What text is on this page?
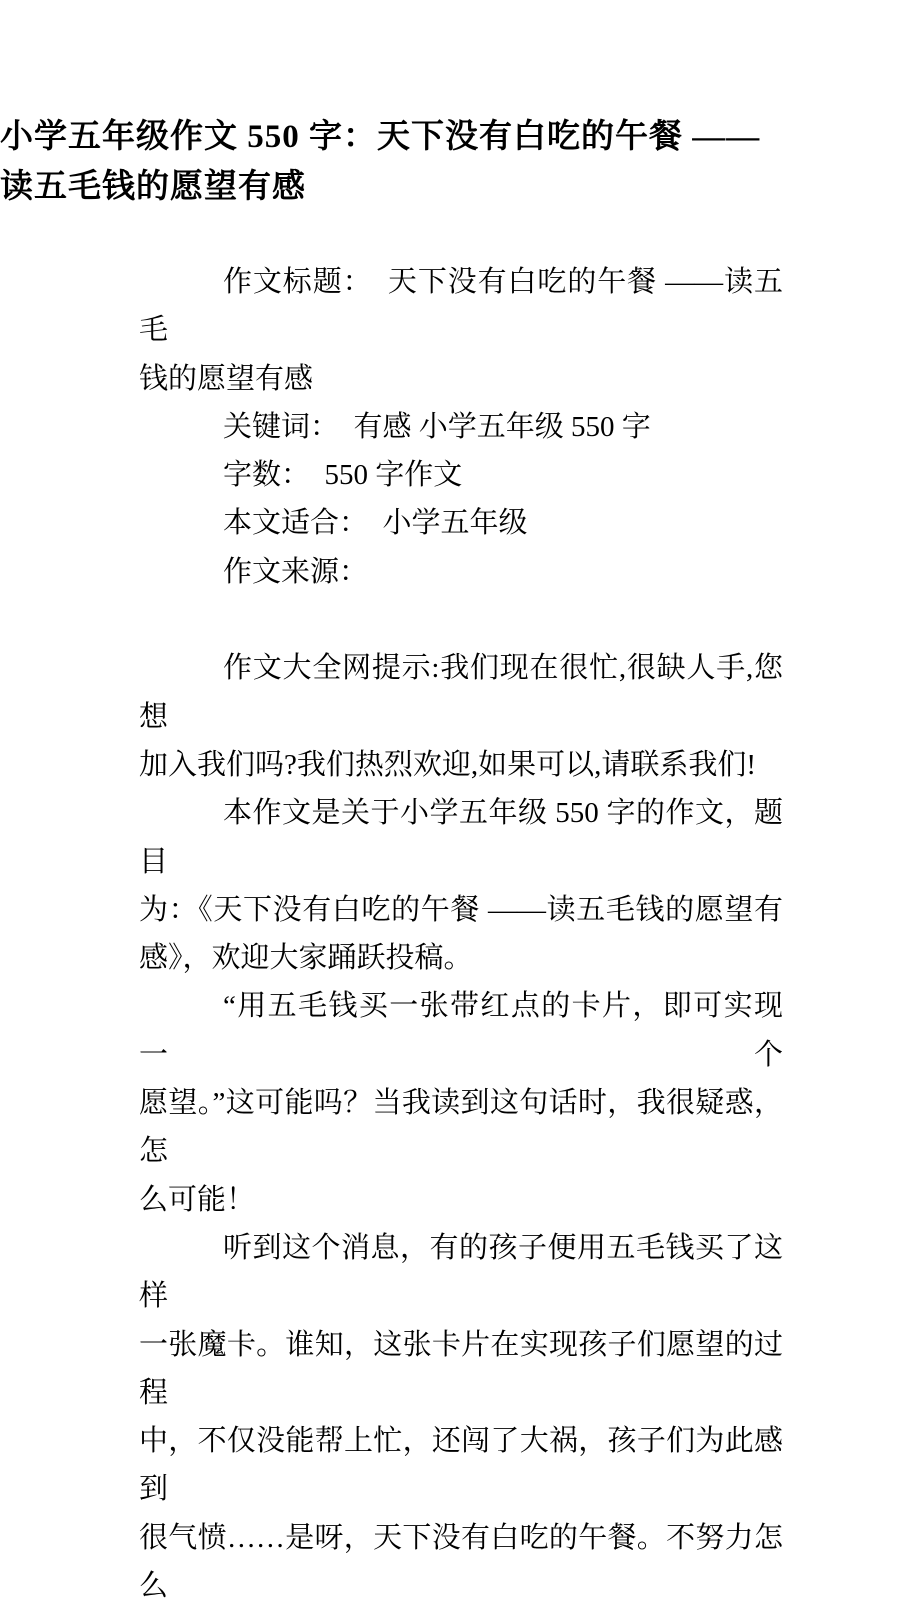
小学五年级作文 550 字：天下没有白吃的午餐 ——
读五毛钱的愿望有感
作文标题：　天下没有白吃的午餐 ——读五毛
钱的愿望有感
关键词：　有感 小学五年级 550 字
字数：　550 字作文
本文适合：　小学五年级
作文来源：
作文大全网提示:我们现在很忙,很缺人手,您想
加入我们吗?我们热烈欢迎,如果可以,请联系我们!
本作文是关于小学五年级 550 字的作文，题目
为：《天下没有白吃的午餐 ——读五毛钱的愿望有
感》，欢迎大家踊跃投稿。
“用五毛钱买一张带红点的卡片，即可实现一个
愿望。”这可能吗？当我读到这句话时，我很疑惑，怎
么可能！
听到这个消息，有的孩子便用五毛钱买了这样
一张魔卡。谁知，这张卡片在实现孩子们愿望的过程
中，不仅没能帮上忙，还闯了大祸，孩子们为此感到
很气愤……是呀，天下没有白吃的午餐。不努力怎么
